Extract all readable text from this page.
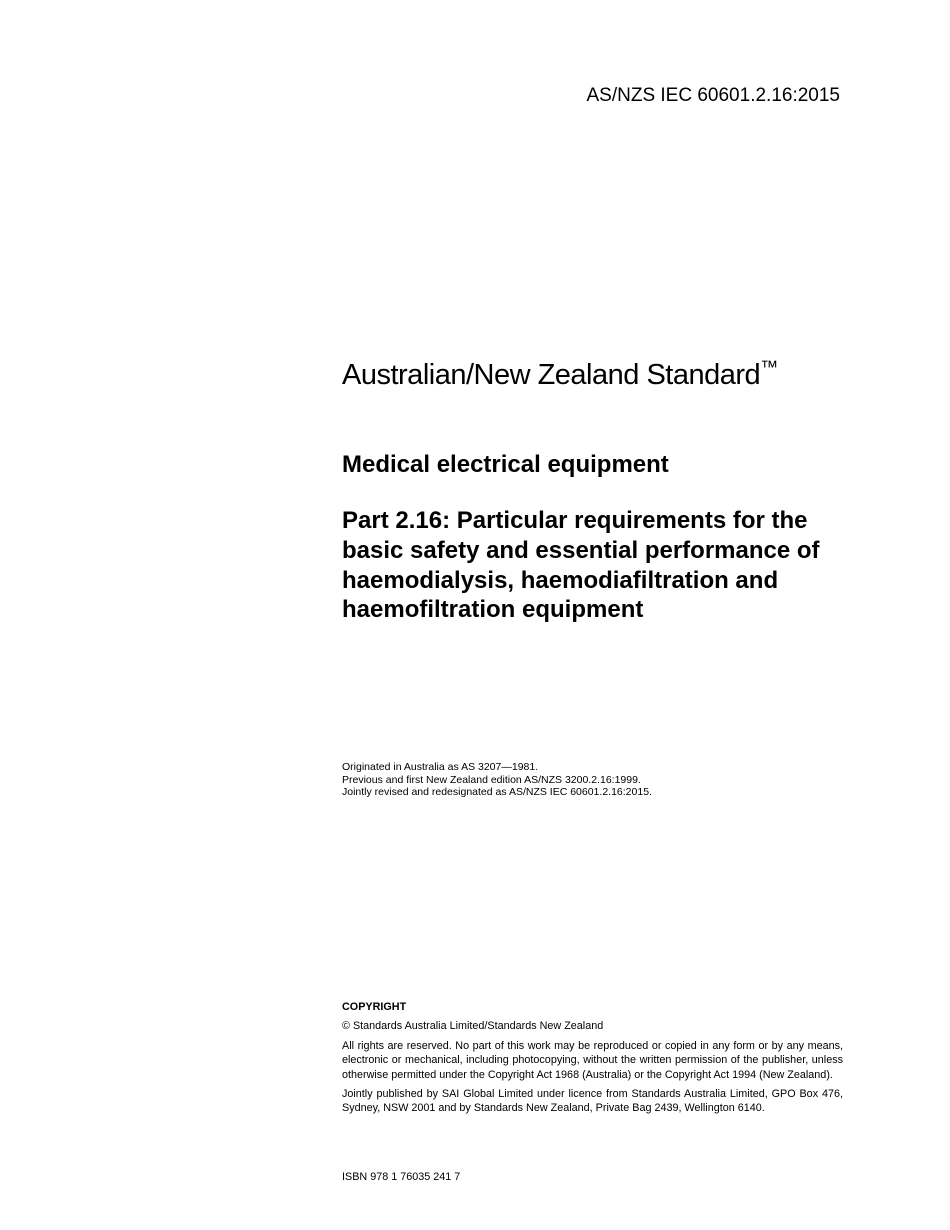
AS/NZS IEC 60601.2.16:2015
Australian/New Zealand Standard™
Medical electrical equipment
Part 2.16: Particular requirements for the basic safety and essential performance of haemodialysis, haemodiafiltration and haemofiltration equipment
Originated in Australia as AS 3207—1981.
Previous and first New Zealand edition AS/NZS 3200.2.16:1999.
Jointly revised and redesignated as AS/NZS IEC 60601.2.16:2015.
COPYRIGHT

© Standards Australia Limited/Standards New Zealand

All rights are reserved. No part of this work may be reproduced or copied in any form or by any means, electronic or mechanical, including photocopying, without the written permission of the publisher, unless otherwise permitted under the Copyright Act 1968 (Australia) or the Copyright Act 1994 (New Zealand).

Jointly published by SAI Global Limited under licence from Standards Australia Limited, GPO Box 476, Sydney, NSW 2001 and by Standards New Zealand, Private Bag 2439, Wellington 6140.

ISBN 978 1 76035 241 7
